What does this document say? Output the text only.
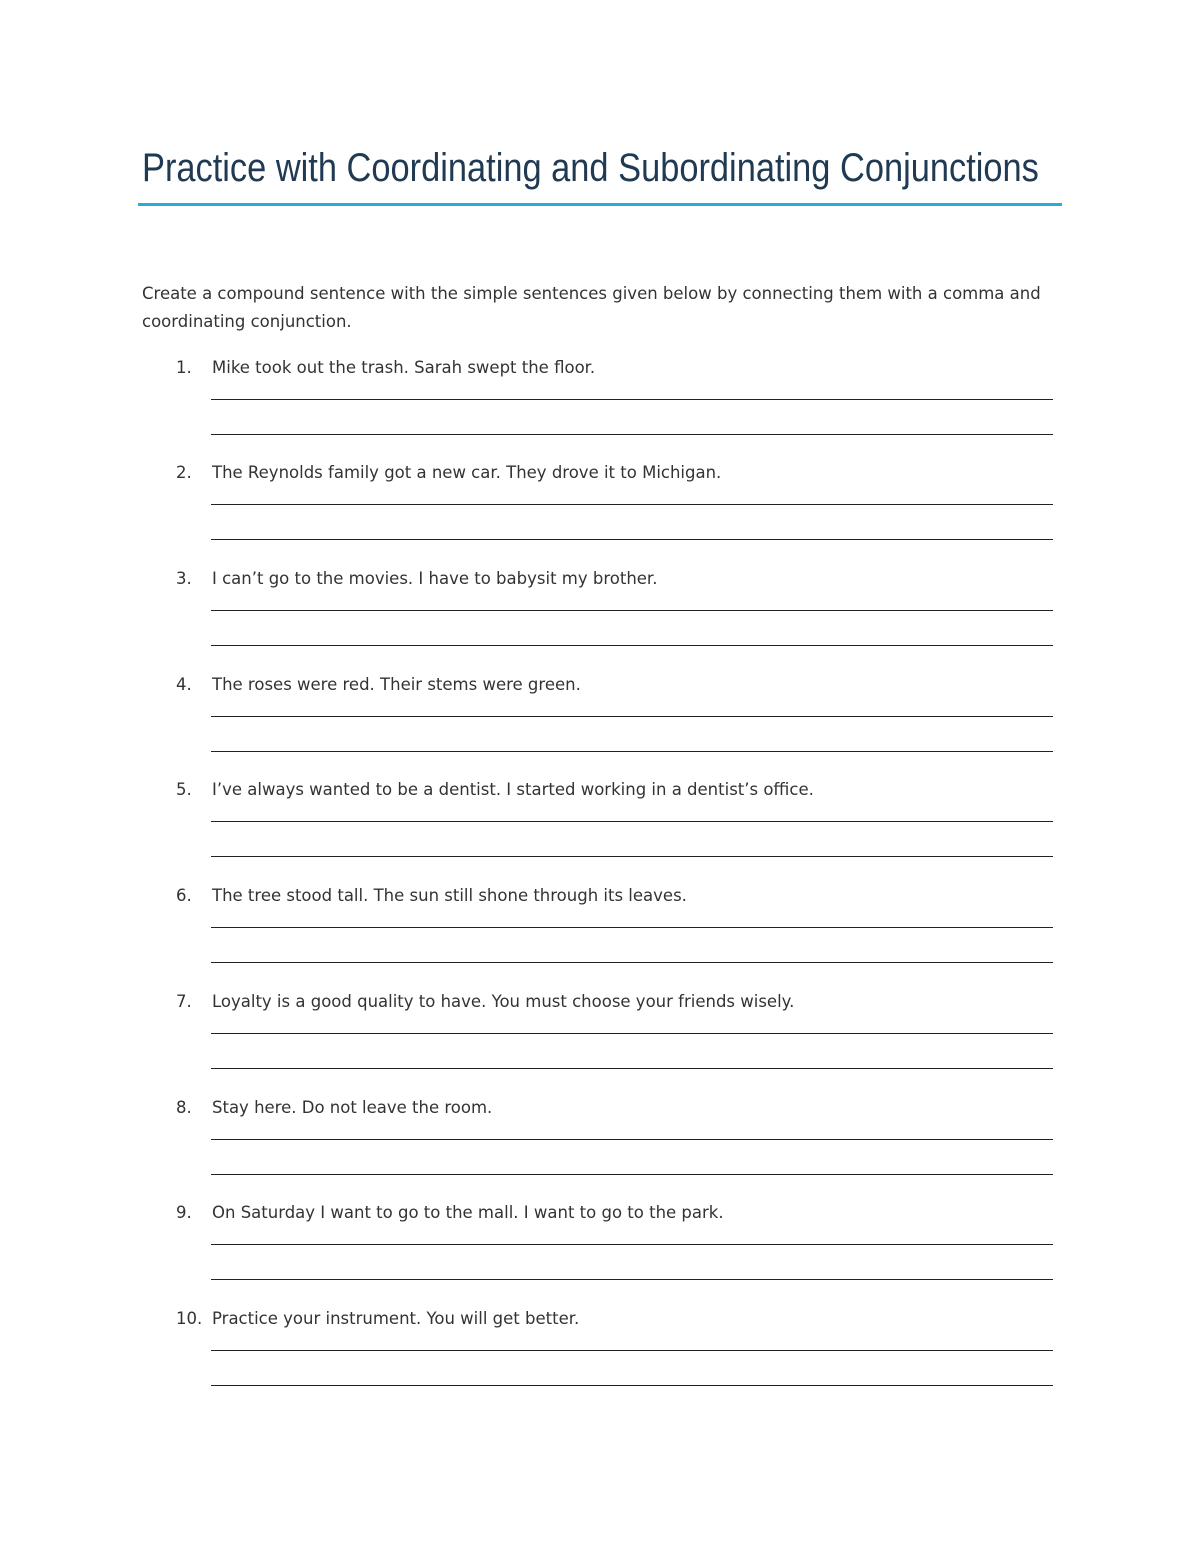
Practice with Coordinating and Subordinating Conjunctions

Create a compound sentence with the simple sentences given below by connecting them with a comma and coordinating conjunction.

1. Mike took out the trash. Sarah swept the floor.
2. The Reynolds family got a new car. They drove it to Michigan.
3. I can’t go to the movies. I have to babysit my brother.
4. The roses were red. Their stems were green.
5. I’ve always wanted to be a dentist. I started working in a dentist’s office.
6. The tree stood tall. The sun still shone through its leaves.
7. Loyalty is a good quality to have. You must choose your friends wisely.
8. Stay here. Do not leave the room.
9. On Saturday I want to go to the mall. I want to go to the park.
10. Practice your instrument. You will get better.
